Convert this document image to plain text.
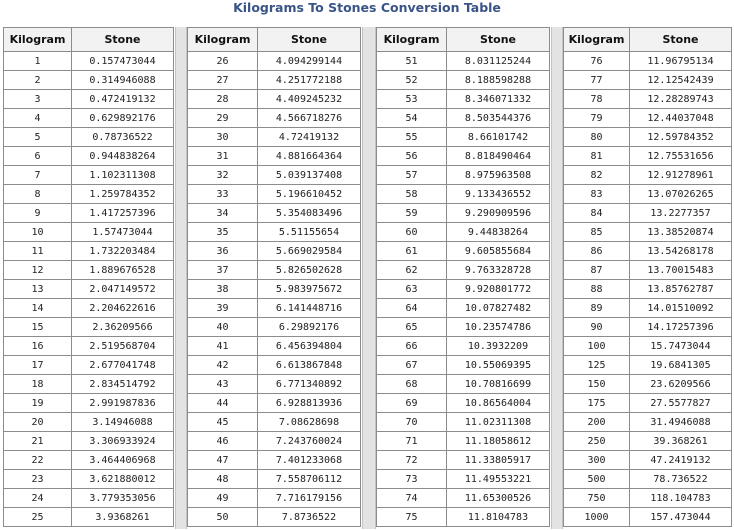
Kilograms To Stones Conversion Table
Kilogram	Stone
1	0.157473044
2	0.314946088
3	0.472419132
4	0.629892176
5	0.78736522
6	0.944838264
7	1.102311308
8	1.259784352
9	1.417257396
10	1.57473044
11	1.732203484
12	1.889676528
13	2.047149572
14	2.204622616
15	2.36209566
16	2.519568704
17	2.677041748
18	2.834514792
19	2.991987836
20	3.14946088
21	3.306933924
22	3.464406968
23	3.621880012
24	3.779353056
25	3.9368261
Kilogram	Stone
26	4.094299144
27	4.251772188
28	4.409245232
29	4.566718276
30	4.72419132
31	4.881664364
32	5.039137408
33	5.196610452
34	5.354083496
35	5.51155654
36	5.669029584
37	5.826502628
38	5.983975672
39	6.141448716
40	6.29892176
41	6.456394804
42	6.613867848
43	6.771340892
44	6.928813936
45	7.08628698
46	7.243760024
47	7.401233068
48	7.558706112
49	7.716179156
50	7.8736522
Kilogram	Stone
51	8.031125244
52	8.188598288
53	8.346071332
54	8.503544376
55	8.66101742
56	8.818490464
57	8.975963508
58	9.133436552
59	9.290909596
60	9.44838264
61	9.605855684
62	9.763328728
63	9.920801772
64	10.07827482
65	10.23574786
66	10.3932209
67	10.55069395
68	10.70816699
69	10.86564004
70	11.02311308
71	11.18058612
72	11.33805917
73	11.49553221
74	11.65300526
75	11.8104783
Kilogram	Stone
76	11.96795134
77	12.12542439
78	12.28289743
79	12.44037048
80	12.59784352
81	12.75531656
82	12.91278961
83	13.07026265
84	13.2277357
85	13.38520874
86	13.54268178
87	13.70015483
88	13.85762787
89	14.01510092
90	14.17257396
100	15.7473044
125	19.6841305
150	23.6209566
175	27.5577827
200	31.4946088
250	39.368261
300	47.2419132
500	78.736522
750	118.104783
1000	157.473044
